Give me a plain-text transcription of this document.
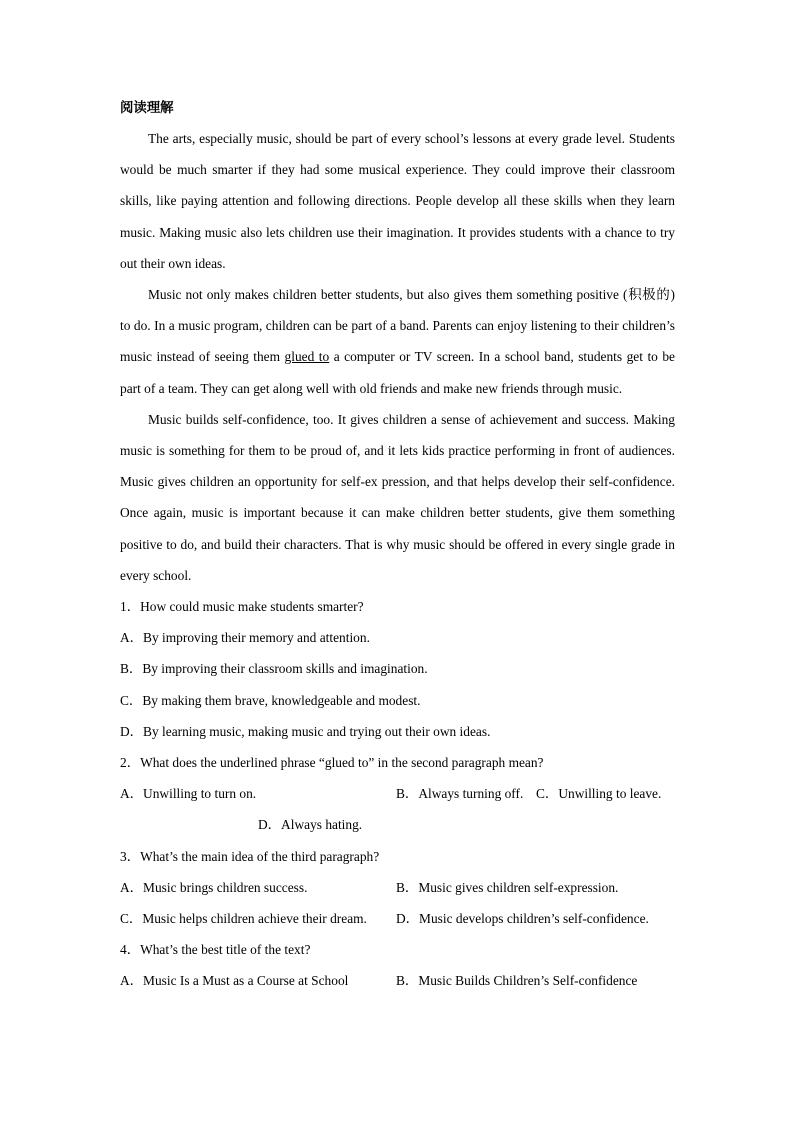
阅读理解

The arts, especially music, should be part of every school’s lessons at every grade level. Students would be much smarter if they had some musical experience. They could improve their classroom skills, like paying attention and following directions. People develop all these skills when they learn music. Making music also lets children use their imagination. It provides students with a chance to try out their own ideas.

Music not only makes children better students, but also gives them something positive (积极的) to do. In a music program, children can be part of a band. Parents can enjoy listening to their children’s music instead of seeing them glued to a computer or TV screen. In a school band, students get to be part of a team. They can get along well with old friends and make new friends through music.

Music builds self-confidence, too. It gives children a sense of achievement and success. Making music is something for them to be proud of, and it lets kids practice performing in front of audiences. Music gives children an opportunity for self-ex pression, and that helps develop their self-confidence. Once again, music is important because it can make children better students, give them something positive to do, and build their characters. That is why music should be offered in every single grade in every school.

1．How could music make students smarter?

A．By improving their memory and attention.

B．By improving their classroom skills and imagination.

C．By making them brave, knowledgeable and modest.

D．By learning music, making music and trying out their own ideas.

2．What does the underlined phrase “glued to” in the second paragraph mean?

A．Unwilling to turn on.	B．Always turning off. C．Unwilling to leave.

D．Always hating.

3．What’s the main idea of the third paragraph?

A．Music brings children success.	B．Music gives children self-expression.
C．Music helps children achieve their dream. D．Music develops children’s self-confidence.

4．What’s the best title of the text?

A．Music Is a Must as a Course at School	B．Music Builds Children’s Self-confidence
